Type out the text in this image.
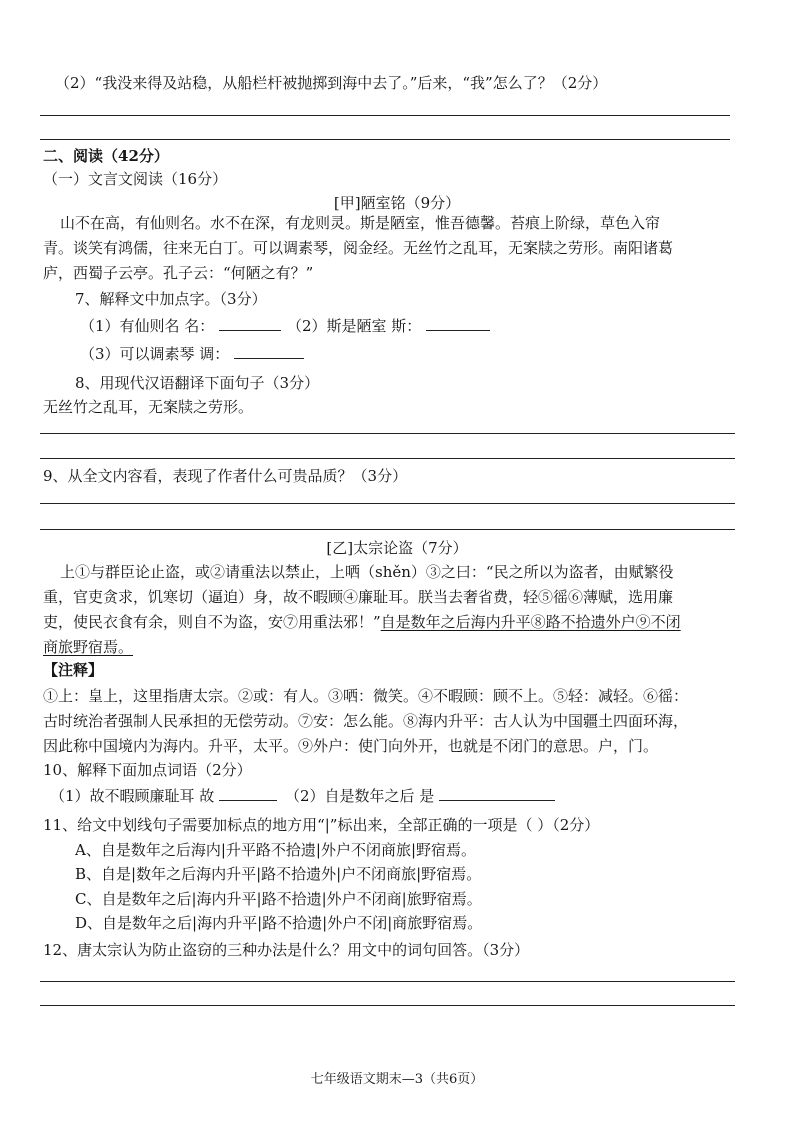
（2）“我没来得及站稳，从船栏杆被抛掷到海中去了。”后来，“我”怎么了？（2分）
二、阅读（42分）
（一）文言文阅读（16分）
[甲]陋室铭（9分）
山不在高，有仙则名。水不在深，有龙则灵。斯是陋室，惟吾德馨。苔痕上阶绿，草色入帘
青。谈笑有鸿儒，往来无白丁。可以调素琴，阅金经。无丝竹之乱耳，无案牍之劳形。南阳诸葛
庐，西蜀子云亭。孔子云：“何陋之有？”
7、解释文中加点字。（3分）
（1）有仙则名 名：	（2）斯是陋室 斯：
（3）可以调素琴 调：
8、用现代汉语翻译下面句子（3分）
无丝竹之乱耳，无案牍之劳形。
9、从全文内容看，表现了作者什么可贵品质？（3分）
[乙]太宗论盗（7分）
上①与群臣论止盗，或②请重法以禁止，上哂（shěn）③之曰：“民之所以为盗者，由赋繁役
重，官吏贪求，饥寒切（逼迫）身，故不暇顾④廉耻耳。朕当去奢省费，轻⑤徭⑥薄赋，选用廉
吏，使民衣食有余，则自不为盗，安⑦用重法邪！”自是数年之后海内升平⑧路不拾遗外户⑨不闭
商旅野宿焉。
【注释】
①上：皇上，这里指唐太宗。②或：有人。③哂：微笑。④不暇顾：顾不上。⑤轻：减轻。⑥徭：
古时统治者强制人民承担的无偿劳动。⑦安：怎么能。⑧海内升平：古人认为中国疆土四面环海，
因此称中国境内为海内。升平，太平。⑨外户：使门向外开，也就是不闭门的意思。户，门。
10、解释下面加点词语（2分）
（1）故不暇顾廉耻耳 故	（2）自是数年之后 是
11、给文中划线句子需要加标点的地方用“|”标出来，全部正确的一项是（ ）（2分）
A、自是数年之后海内|升平路不拾遗|外户不闭商旅|野宿焉。
B、自是|数年之后海内升平|路不拾遗外|户不闭商旅|野宿焉。
C、自是数年之后|海内升平|路不拾遗|外户不闭商|旅野宿焉。
D、自是数年之后|海内升平|路不拾遗|外户不闭|商旅野宿焉。
12、唐太宗认为防止盗窃的三种办法是什么？用文中的词句回答。（3分）
七年级语文期末—3（共6页）
